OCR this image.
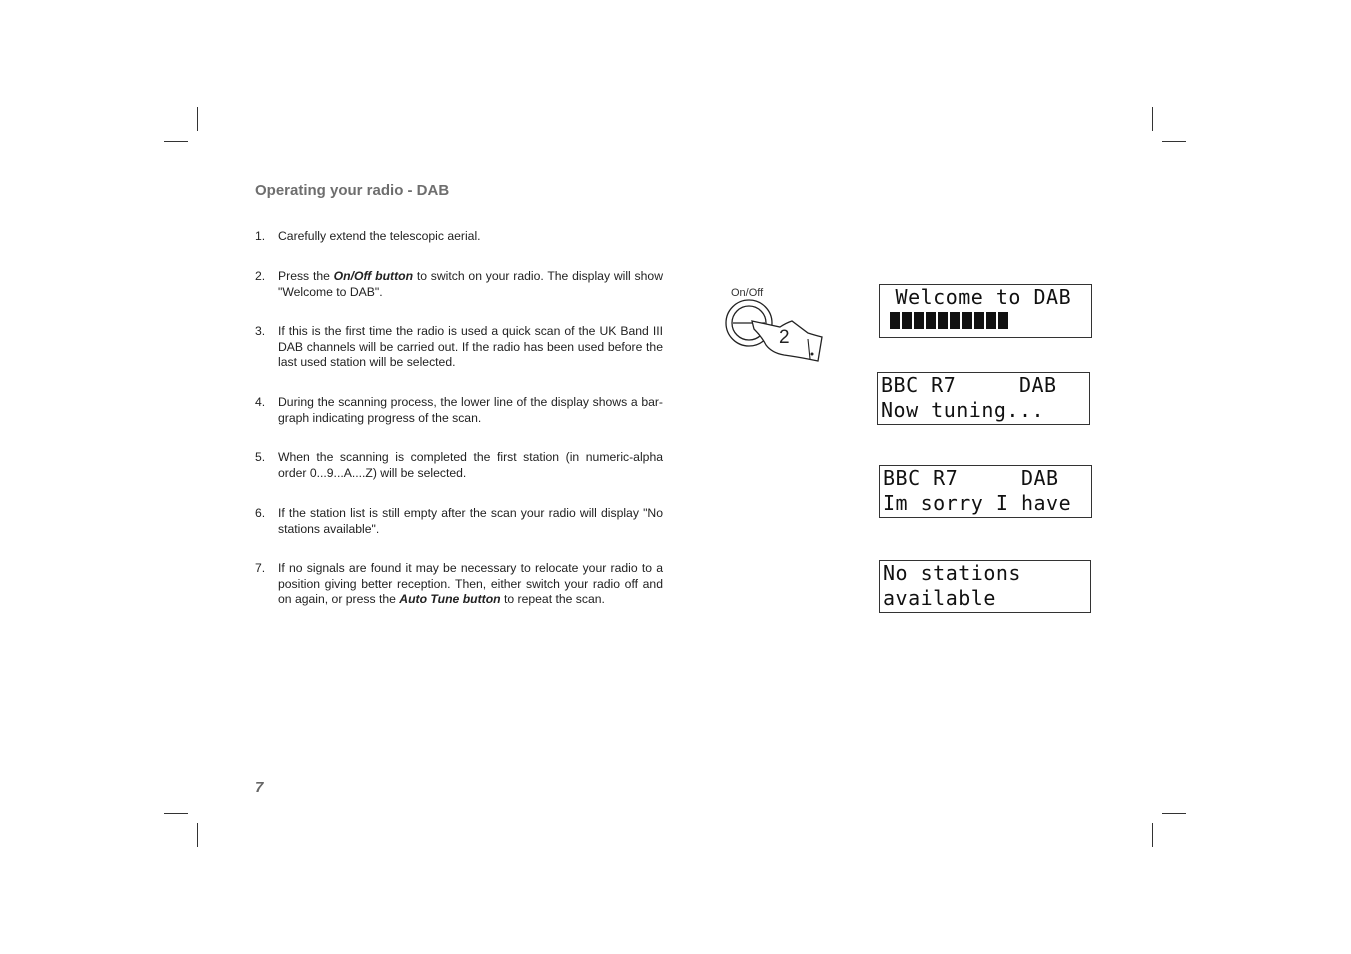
Operating your radio - DAB
1. Carefully extend the telescopic aerial.
2. Press the On/Off button to switch on your radio. The display will show "Welcome to DAB".
3. If this is the first time the radio is used a quick scan of the UK Band III DAB channels will be carried out. If the radio has been used before the last used station will be selected.
4. During the scanning process, the lower line of the display shows a bar-graph indicating progress of the scan.
5. When the scanning is completed the first station (in numeric-alpha order 0...9...A....Z) will be selected.
6. If the station list is still empty after the scan your radio will display "No stations available".
7. If no signals are found it may be necessary to relocate your radio to a position giving better reception. Then, either switch your radio off and on again, or press the Auto Tune button to repeat the scan.
On/Off
2
Welcome to DAB
BBC R7     DAB
Now tuning...
BBC R7     DAB
Im sorry I have
No stations
available
7
